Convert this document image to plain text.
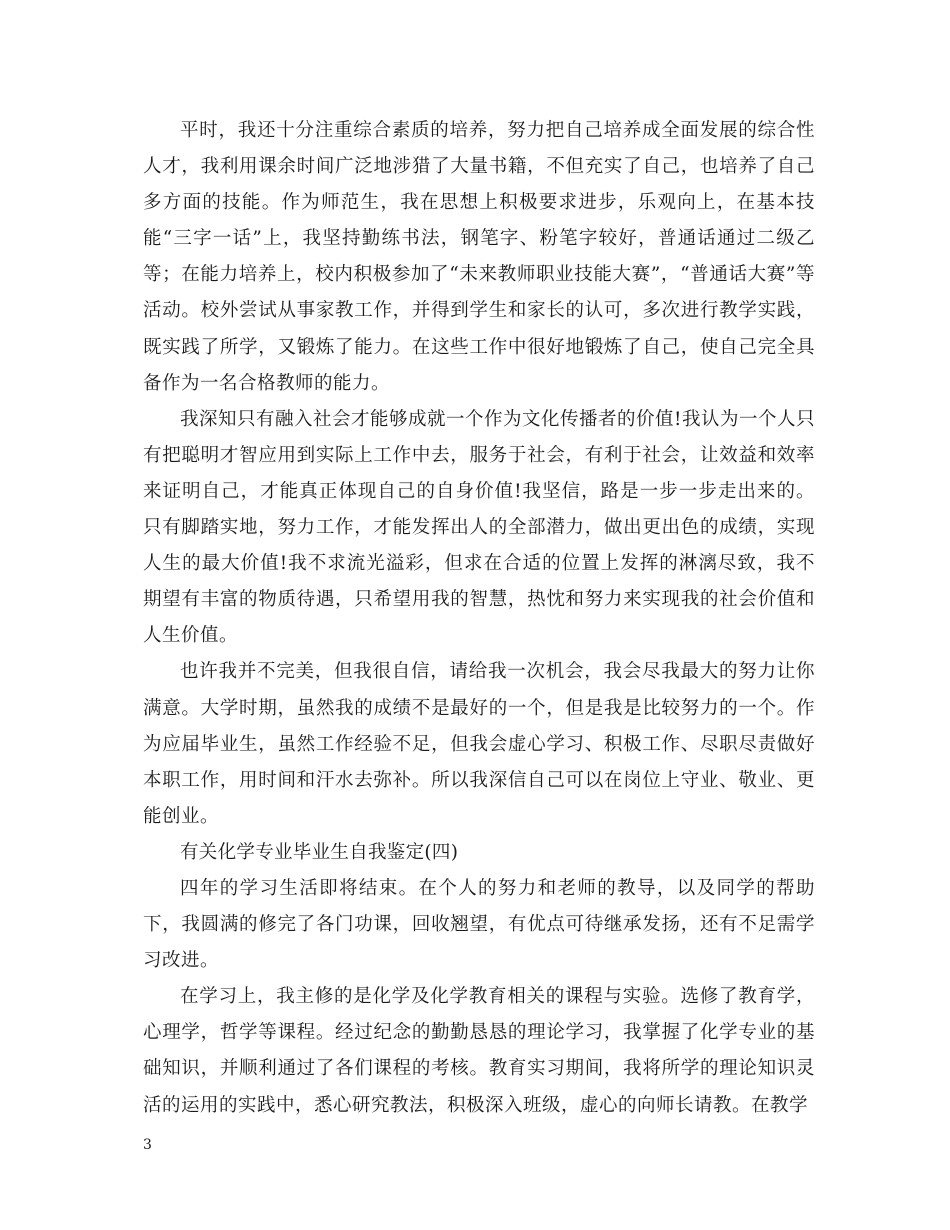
平时，我还十分注重综合素质的培养，努力把自己培养成全面发展的综合性人才，我利用课余时间广泛地涉猎了大量书籍，不但充实了自己，也培养了自己多方面的技能。作为师范生，我在思想上积极要求进步，乐观向上，在基本技能“三字一话”上，我坚持勤练书法，钢笔字、粉笔字较好，普通话通过二级乙等；在能力培养上，校内积极参加了“未来教师职业技能大赛”，“普通话大赛”等活动。校外尝试从事家教工作，并得到学生和家长的认可，多次进行教学实践，既实践了所学，又锻炼了能力。在这些工作中很好地锻炼了自己，使自己完全具备作为一名合格教师的能力。

我深知只有融入社会才能够成就一个作为文化传播者的价值!我认为一个人只有把聪明才智应用到实际上工作中去，服务于社会，有利于社会，让效益和效率来证明自己，才能真正体现自己的自身价值!我坚信，路是一步一步走出来的。只有脚踏实地，努力工作，才能发挥出人的全部潜力，做出更出色的成绩，实现人生的最大价值!我不求流光溢彩，但求在合适的位置上发挥的淋漓尽致，我不期望有丰富的物质待遇，只希望用我的智慧，热忱和努力来实现我的社会价值和人生价值。

也许我并不完美，但我很自信，请给我一次机会，我会尽我最大的努力让你满意。大学时期，虽然我的成绩不是最好的一个，但是我是比较努力的一个。作为应届毕业生，虽然工作经验不足，但我会虚心学习、积极工作、尽职尽责做好本职工作，用时间和汗水去弥补。所以我深信自己可以在岗位上守业、敬业、更能创业。

有关化学专业毕业生自我鉴定(四)

四年的学习生活即将结束。在个人的努力和老师的教导，以及同学的帮助下，我圆满的修完了各门功课，回收翘望，有优点可待继承发扬，还有不足需学习改进。

在学习上，我主修的是化学及化学教育相关的课程与实验。选修了教育学，心理学，哲学等课程。经过纪念的勤勤恳恳的理论学习，我掌握了化学专业的基础知识，并顺利通过了各们课程的考核。教育实习期间，我将所学的理论知识灵活的运用的实践中，悉心研究教法，积极深入班级，虚心的向师长请教。在教学

3
